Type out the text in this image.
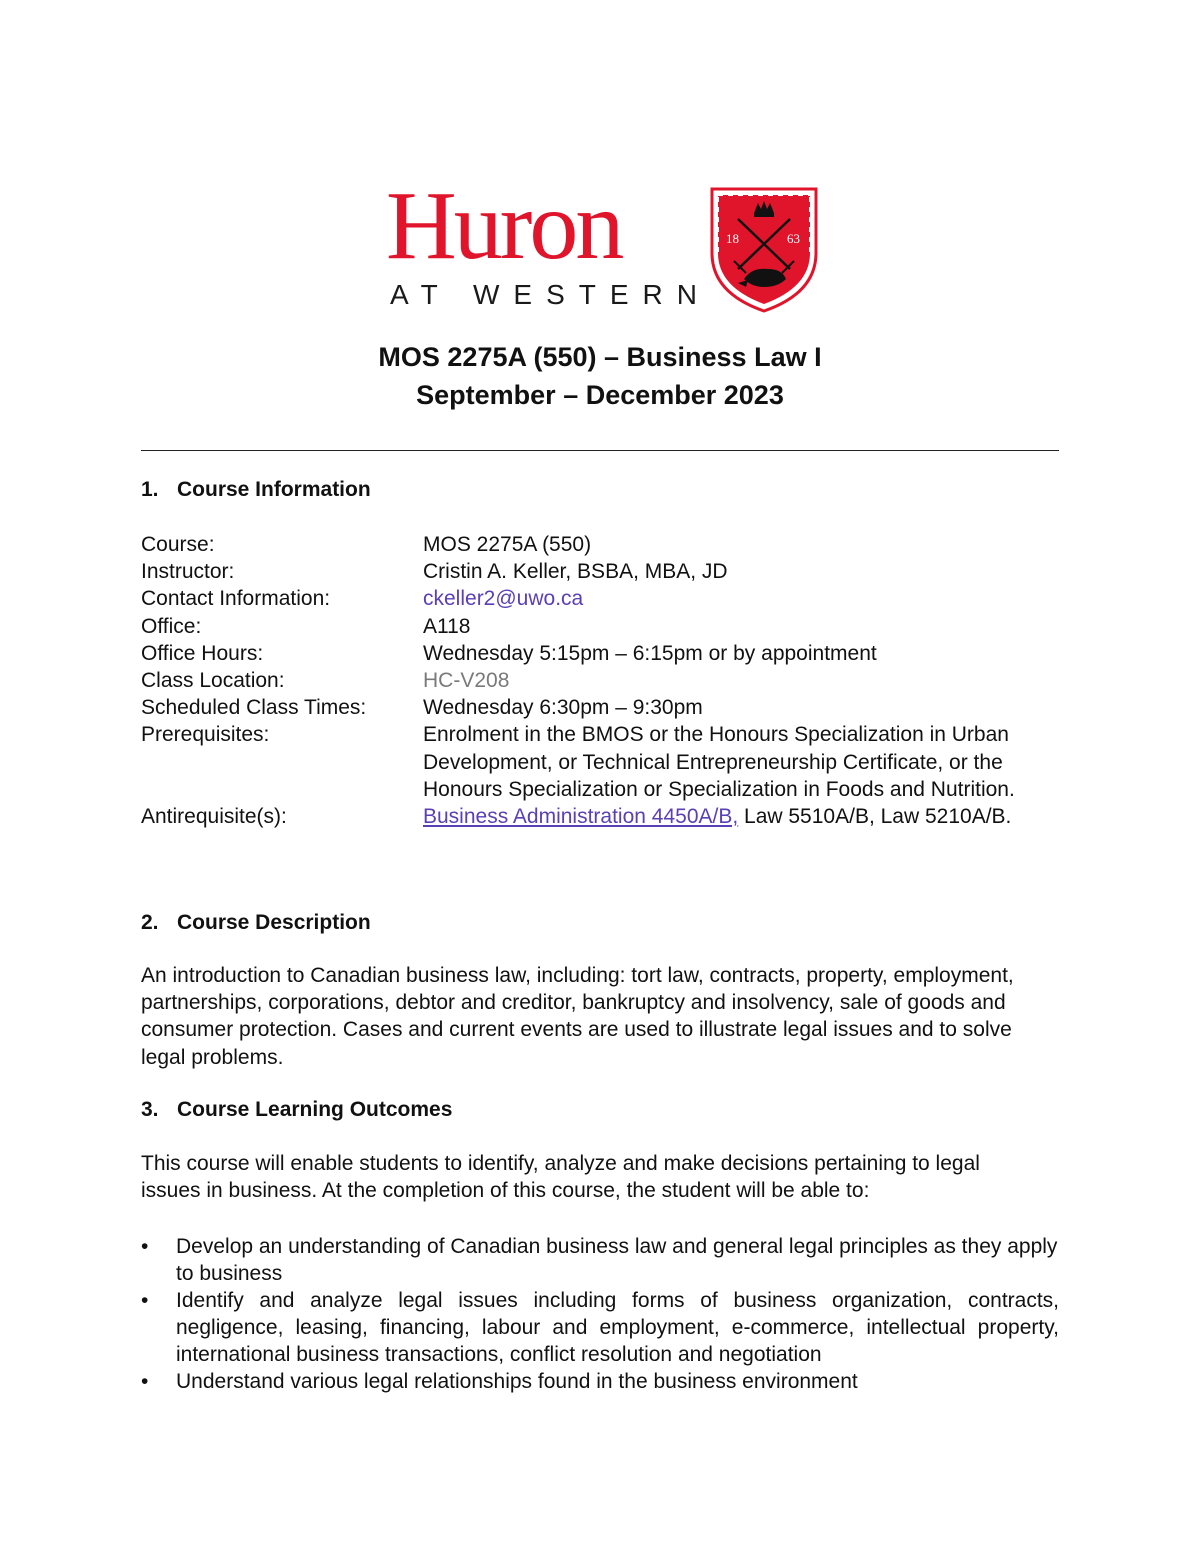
Huron
AT WESTERN
18	63
MOS 2275A (550) – Business Law I
September – December 2023
1. Course Information
Course:	MOS 2275A (550)
Instructor:	Cristin A. Keller, BSBA, MBA, JD
Contact Information:	ckeller2@uwo.ca
Office:	A118
Office Hours:	Wednesday 5:15pm – 6:15pm or by appointment
Class Location:	HC-V208
Scheduled Class Times:	Wednesday 6:30pm – 9:30pm
Prerequisites:	Enrolment in the BMOS or the Honours Specialization in Urban Development, or Technical Entrepreneurship Certificate, or the Honours Specialization or Specialization in Foods and Nutrition.
Antirequisite(s):	Business Administration 4450A/B, Law 5510A/B, Law 5210A/B.
2. Course Description
An introduction to Canadian business law, including: tort law, contracts, property, employment, partnerships, corporations, debtor and creditor, bankruptcy and insolvency, sale of goods and consumer protection. Cases and current events are used to illustrate legal issues and to solve legal problems.
3. Course Learning Outcomes
This course will enable students to identify, analyze and make decisions pertaining to legal issues in business. At the completion of this course, the student will be able to:
• Develop an understanding of Canadian business law and general legal principles as they apply to business
• Identify and analyze legal issues including forms of business organization, contracts, negligence, leasing, financing, labour and employment, e-commerce, intellectual property, international business transactions, conflict resolution and negotiation
• Understand various legal relationships found in the business environment
